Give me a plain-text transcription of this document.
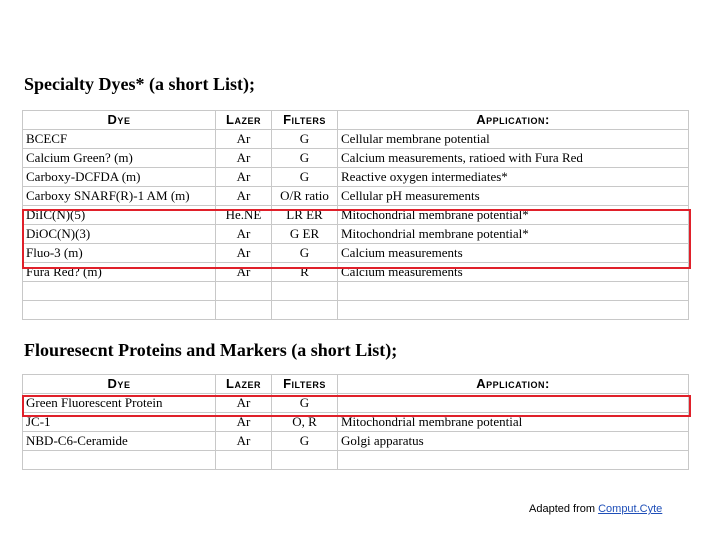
Specialty Dyes* (a short List);
Dye	Lazer	Filters	Application:
BCECF	Ar	G	Cellular membrane potential
Calcium Green? (m)	Ar	G	Calcium measurements, ratioed with Fura Red
Carboxy-DCFDA (m)	Ar	G	Reactive oxygen intermediates*
Carboxy SNARF(R)-1 AM (m)	Ar	O/R ratio	Cellular pH measurements
DiIC(N)(5)	He.NE	LR ER	Mitochondrial membrane potential*
DiOC(N)(3)	Ar	G ER	Mitochondrial membrane potential*
Fluo-3 (m)	Ar	G	Calcium measurements
Fura Red? (m)	Ar	R	Calcium measurements

Flouresecnt Proteins and Markers (a short List);
Dye	Lazer	Filters	Application:
Green Fluorescent Protein	Ar	G	
JC-1	Ar	O, R	Mitochondrial membrane potential
NBD-C6-Ceramide	Ar	G	Golgi apparatus

Adapted from Comput.Cyte
